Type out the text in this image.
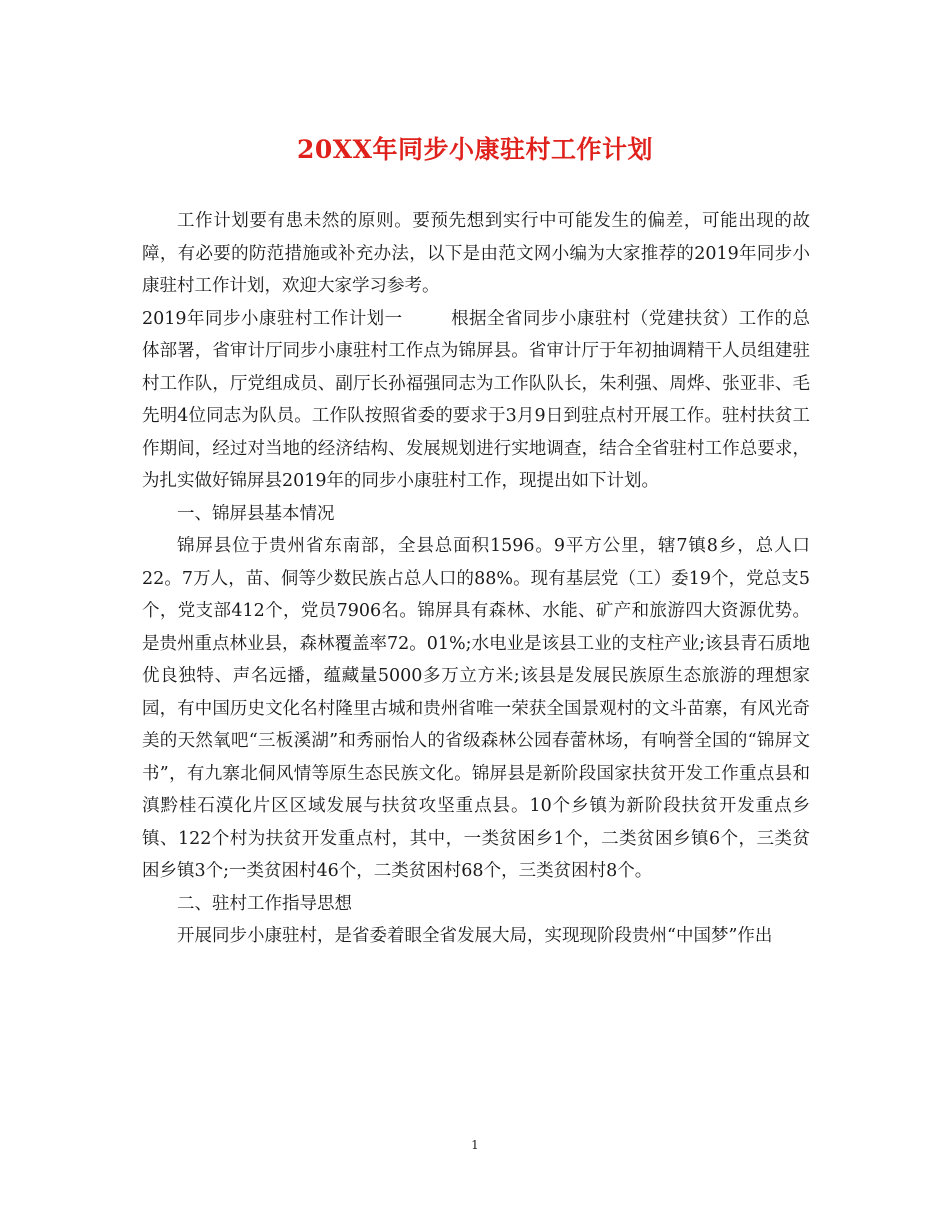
20XX年同步小康驻村工作计划

工作计划要有患未然的原则。要预先想到实行中可能发生的偏差，可能出现的故障，有必要的防范措施或补充办法，以下是由范文网小编为大家推荐的2019年同步小康驻村工作计划，欢迎大家学习参考。

2019年同步小康驻村工作计划一	根据全省同步小康驻村（党建扶贫）工作的总体部署，省审计厅同步小康驻村工作点为锦屏县。省审计厅于年初抽调精干人员组建驻村工作队，厅党组成员、副厅长孙福强同志为工作队队长，朱利强、周烨、张亚非、毛先明4位同志为队员。工作队按照省委的要求于3月9日到驻点村开展工作。驻村扶贫工作期间，经过对当地的经济结构、发展规划进行实地调查，结合全省驻村工作总要求，为扎实做好锦屏县2019年的同步小康驻村工作，现提出如下计划。

一、锦屏县基本情况

锦屏县位于贵州省东南部，全县总面积1596。9平方公里，辖7镇8乡，总人口22。7万人，苗、侗等少数民族占总人口的88%。现有基层党（工）委19个，党总支5个，党支部412个，党员7906名。锦屏具有森林、水能、矿产和旅游四大资源优势。是贵州重点林业县，森林覆盖率72。01%;水电业是该县工业的支柱产业;该县青石质地优良独特、声名远播，蕴藏量5000多万立方米;该县是发展民族原生态旅游的理想家园，有中国历史文化名村隆里古城和贵州省唯一荣获全国景观村的文斗苗寨，有风光奇美的天然氧吧“三板溪湖”和秀丽怡人的省级森林公园春蕾林场，有响誉全国的“锦屏文书”，有九寨北侗风情等原生态民族文化。锦屏县是新阶段国家扶贫开发工作重点县和滇黔桂石漠化片区区域发展与扶贫攻坚重点县。10个乡镇为新阶段扶贫开发重点乡镇、122个村为扶贫开发重点村，其中，一类贫困乡1个，二类贫困乡镇6个，三类贫困乡镇3个;一类贫困村46个，二类贫困村68个，三类贫困村8个。

二、驻村工作指导思想

开展同步小康驻村，是省委着眼全省发展大局，实现现阶段贵州“中国梦”作出

1
